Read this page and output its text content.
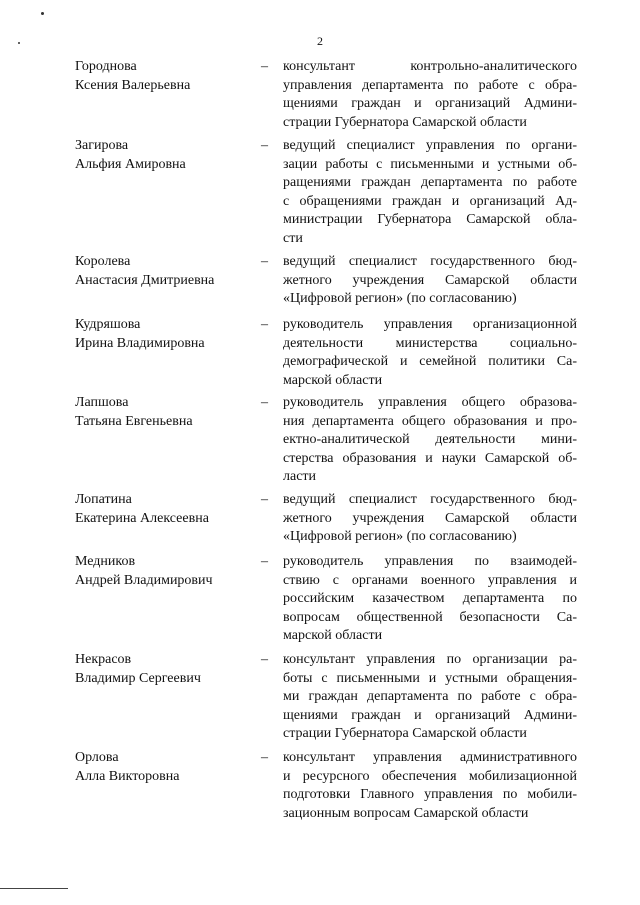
2
Городнова
Ксения Валерьевна
– консультант контрольно-аналитического
управления департамента по работе с обра-
щениями граждан и организаций Админи-
страции Губернатора Самарской области
Загирова
Альфия Амировна
– ведущий специалист управления по органи-
зации работы с письменными и устными об-
ращениями граждан департамента по работе
с обращениями граждан и организаций Ад-
министрации Губернатора Самарской обла-
сти
Королева
Анастасия Дмитриевна
– ведущий специалист государственного бюд-
жетного учреждения Самарской области
«Цифровой регион» (по согласованию)
Кудряшова
Ирина Владимировна
– руководитель управления организационной
деятельности министерства социально-
демографической и семейной политики Са-
марской области
Лапшова
Татьяна Евгеньевна
– руководитель управления общего образова-
ния департамента общего образования и про-
ектно-аналитической деятельности мини-
стерства образования и науки Самарской об-
ласти
Лопатина
Екатерина Алексеевна
– ведущий специалист государственного бюд-
жетного учреждения Самарской области
«Цифровой регион» (по согласованию)
Медников
Андрей Владимирович
– руководитель управления по взаимодей-
ствию с органами военного управления и
российским казачеством департамента по
вопросам общественной безопасности Са-
марской области
Некрасов
Владимир Сергеевич
– консультант управления по организации ра-
боты с письменными и устными обращения-
ми граждан департамента по работе с обра-
щениями граждан и организаций Админи-
страции Губернатора Самарской области
Орлова
Алла Викторовна
– консультант управления административного
и ресурсного обеспечения мобилизационной
подготовки Главного управления по мобили-
зационным вопросам Самарской области
